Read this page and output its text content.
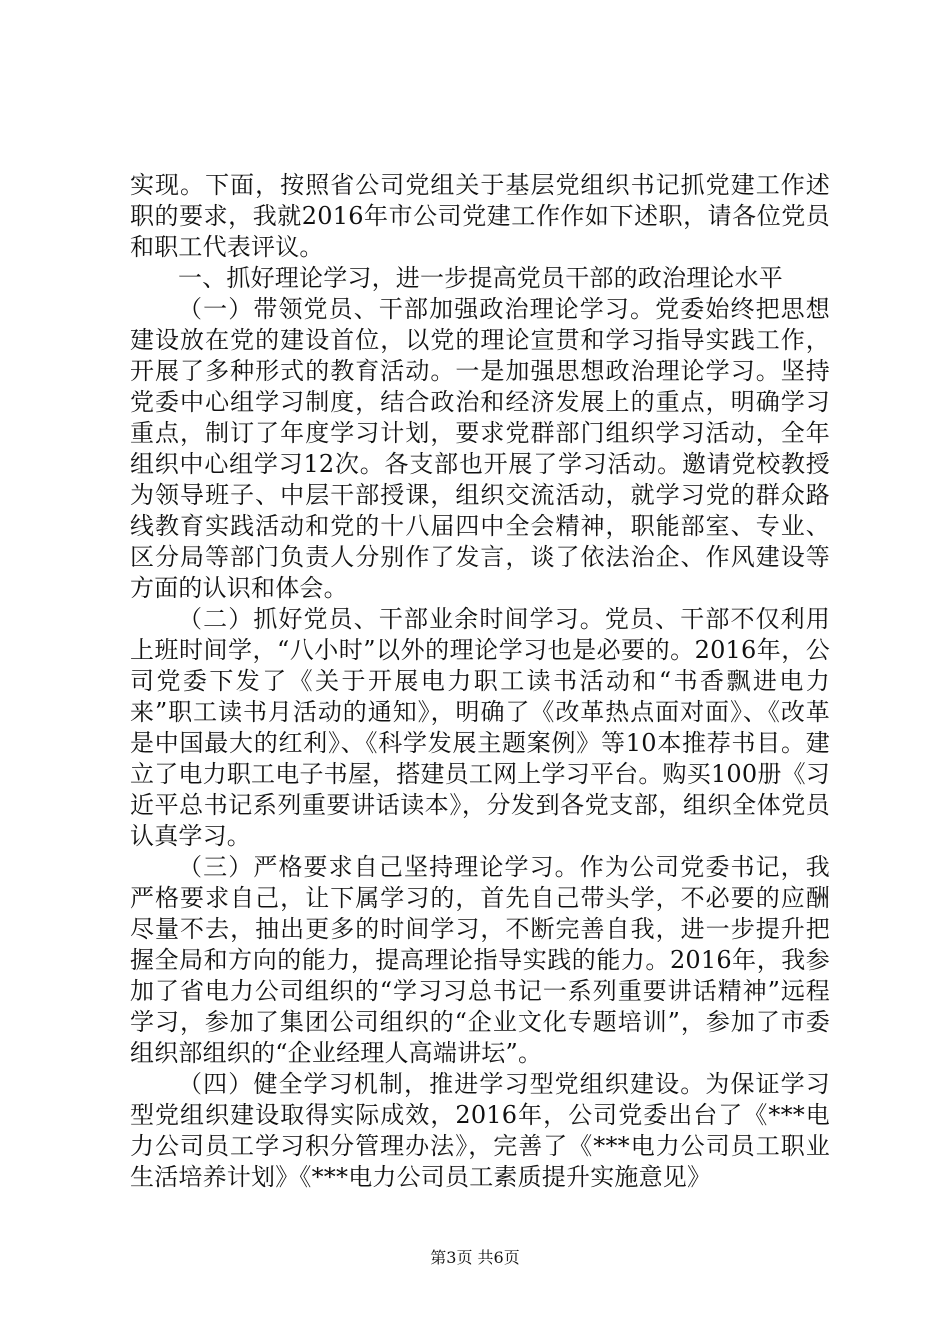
实现。下面，按照省公司党组关于基层党组织书记抓党建工作述职的要求，我就2016年市公司党建工作作如下述职，请各位党员和职工代表评议。

一、抓好理论学习，进一步提高党员干部的政治理论水平

（一）带领党员、干部加强政治理论学习。党委始终把思想建设放在党的建设首位，以党的理论宣贯和学习指导实践工作，开展了多种形式的教育活动。一是加强思想政治理论学习。坚持党委中心组学习制度，结合政治和经济发展上的重点，明确学习重点，制订了年度学习计划，要求党群部门组织学习活动，全年组织中心组学习12次。各支部也开展了学习活动。邀请党校教授为领导班子、中层干部授课，组织交流活动，就学习党的群众路线教育实践活动和党的十八届四中全会精神，职能部室、专业、区分局等部门负责人分别作了发言，谈了依法治企、作风建设等方面的认识和体会。

（二）抓好党员、干部业余时间学习。党员、干部不仅利用上班时间学，“八小时”以外的理论学习也是必要的。2016年，公司党委下发了《关于开展电力职工读书活动和“书香飘进电力来”职工读书月活动的通知》，明确了《改革热点面对面》、《改革是中国最大的红利》、《科学发展主题案例》等10本推荐书目。建立了电力职工电子书屋，搭建员工网上学习平台。购买100册《习近平总书记系列重要讲话读本》，分发到各党支部，组织全体党员认真学习。

（三）严格要求自己坚持理论学习。作为公司党委书记，我严格要求自己，让下属学习的，首先自己带头学，不必要的应酬尽量不去，抽出更多的时间学习，不断完善自我，进一步提升把握全局和方向的能力，提高理论指导实践的能力。2016年，我参加了省电力公司组织的“学习习总书记一系列重要讲话精神”远程学习，参加了集团公司组织的“企业文化专题培训”，参加了市委组织部组织的“企业经理人高端讲坛”。

（四）健全学习机制，推进学习型党组织建设。为保证学习型党组织建设取得实际成效，2016年，公司党委出台了《***电力公司员工学习积分管理办法》，完善了《***电力公司员工职业生活培养计划》《***电力公司员工素质提升实施意见》

第3页 共6页
